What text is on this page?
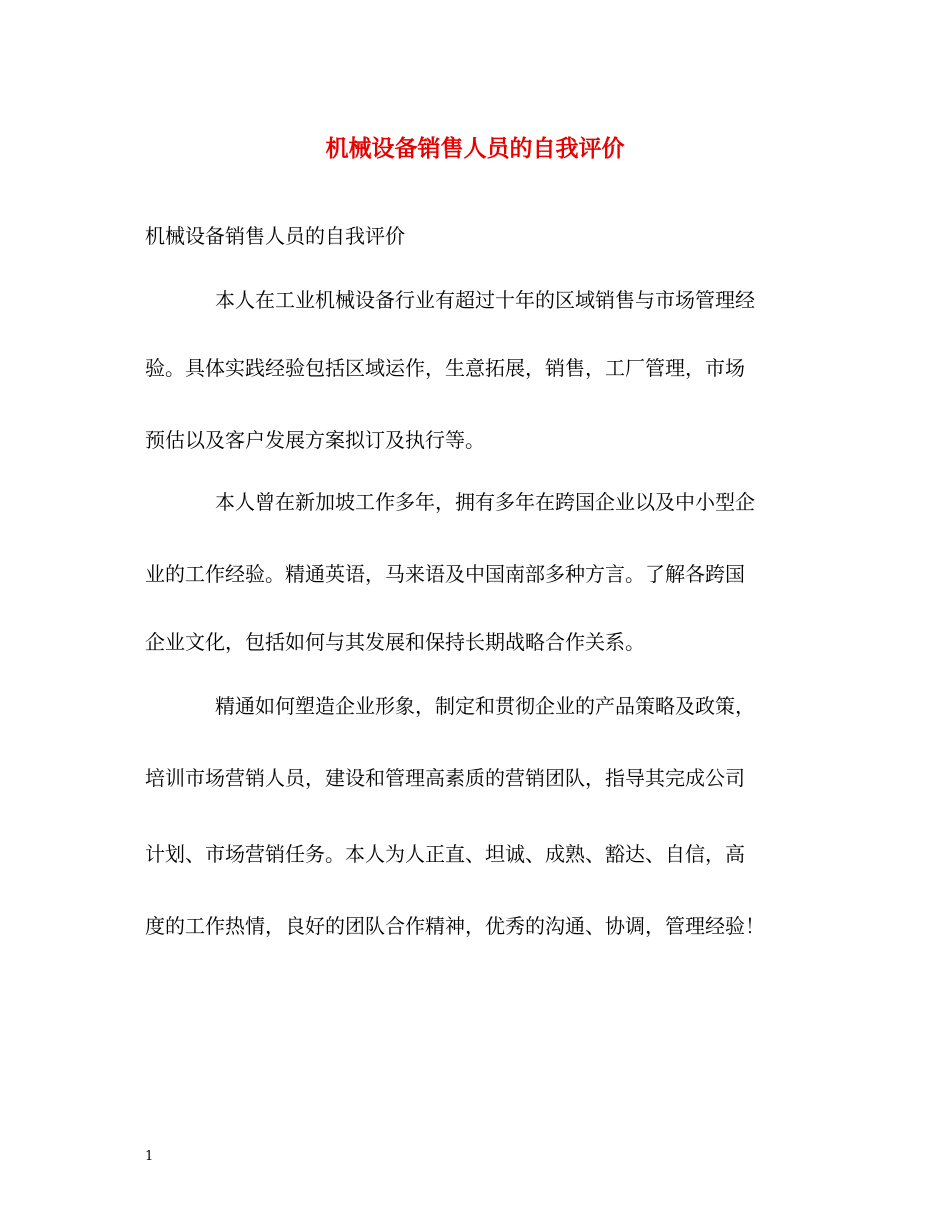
机械设备销售人员的自我评价
机械设备销售人员的自我评价
本人在工业机械设备行业有超过十年的区域销售与市场管理经
验。具体实践经验包括区域运作，生意拓展，销售，工厂管理，市场
预估以及客户发展方案拟订及执行等。
本人曾在新加坡工作多年，拥有多年在跨国企业以及中小型企
业的工作经验。精通英语，马来语及中国南部多种方言。了解各跨国
企业文化，包括如何与其发展和保持长期战略合作关系。
精通如何塑造企业形象，制定和贯彻企业的产品策略及政策，
培训市场营销人员，建设和管理高素质的营销团队，指导其完成公司
计划、市场营销任务。本人为人正直、坦诚、成熟、豁达、自信，高
度的工作热情，良好的团队合作精神，优秀的沟通、协调，管理经验！
1
